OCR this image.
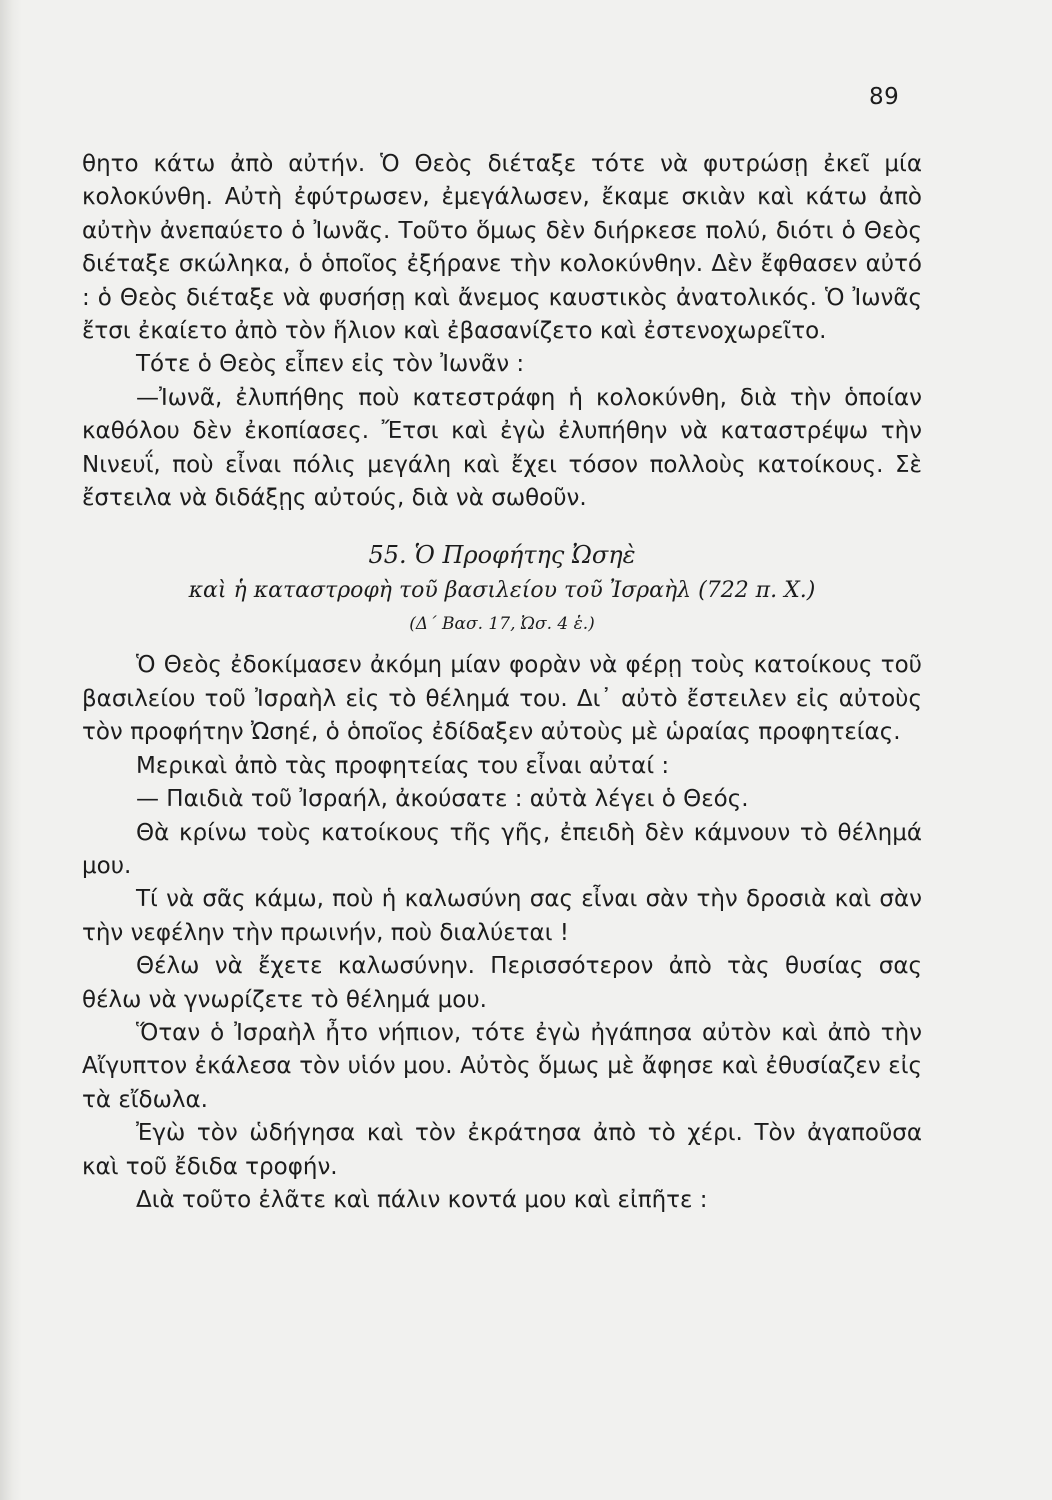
89

θητο κάτω ἀπὸ αὐτήν. Ὁ Θεὸς διέταξε τότε νὰ φυτρώσῃ ἐκεῖ μία κολοκύνθη. Αὐτὴ ἐφύτρωσεν, ἐμεγάλωσεν, ἔκαμε σκιὰν καὶ κάτω ἀπὸ αὐτὴν ἀνεπαύετο ὁ Ἰωνᾶς. Τοῦτο ὅμως δὲν διήρκεσε πολύ, διότι ὁ Θεὸς διέταξε σκώληκα, ὁ ὁποῖος ἐξήρανε τὴν κολοκύνθην. Δὲν ἔφθασεν αὐτό : ὁ Θεὸς διέταξε νὰ φυσήσῃ καὶ ἄνεμος καυστικὸς ἀνατολικός. Ὁ Ἰωνᾶς ἔτσι ἐκαίετο ἀπὸ τὸν ἥλιον καὶ ἐβασανίζετο καὶ ἐστενοχωρεῖτο.

Τότε ὁ Θεὸς εἶπεν εἰς τὸν Ἰωνᾶν :

—Ἰωνᾶ, ἐλυπήθης ποὺ κατεστράφη ἡ κολοκύνθη, διὰ τὴν ὁποίαν καθόλου δὲν ἐκοπίασες. Ἔτσι καὶ ἐγὼ ἐλυπήθην νὰ καταστρέψω τὴν Νινευΐ, ποὺ εἶναι πόλις μεγάλη καὶ ἔχει τόσον πολλοὺς κατοίκους. Σὲ ἔστειλα νὰ διδάξῃς αὐτούς, διὰ νὰ σωθοῦν.

55. Ὁ Προφήτης Ὠσηὲ
καὶ ἡ καταστροφὴ τοῦ βασιλείου τοῦ Ἰσραὴλ (722 π. Χ.)
(Δ΄ Βασ. 17, Ὠσ. 4 ἑ.)

Ὁ Θεὸς ἐδοκίμασεν ἀκόμη μίαν φορὰν νὰ φέρῃ τοὺς κατοίκους τοῦ βασιλείου τοῦ Ἰσραὴλ εἰς τὸ θέλημά του. Δι᾽ αὐτὸ ἔστειλεν εἰς αὐτοὺς τὸν προφήτην Ὠσηέ, ὁ ὁποῖος ἐδίδαξεν αὐτοὺς μὲ ὡραίας προφητείας.

Μερικαὶ ἀπὸ τὰς προφητείας του εἶναι αὐταί :

— Παιδιὰ τοῦ Ἰσραήλ, ἀκούσατε : αὐτὰ λέγει ὁ Θεός.

Θὰ κρίνω τοὺς κατοίκους τῆς γῆς, ἐπειδὴ δὲν κάμνουν τὸ θέλημά μου.

Τί νὰ σᾶς κάμω, ποὺ ἡ καλωσύνη σας εἶναι σὰν τὴν δροσιὰ καὶ σὰν τὴν νεφέλην τὴν πρωινήν, ποὺ διαλύεται !

Θέλω νὰ ἔχετε καλωσύνην. Περισσότερον ἀπὸ τὰς θυσίας σας θέλω νὰ γνωρίζετε τὸ θέλημά μου.

Ὅταν ὁ Ἰσραὴλ ἦτο νήπιον, τότε ἐγὼ ἠγάπησα αὐτὸν καὶ ἀπὸ τὴν Αἴγυπτον ἐκάλεσα τὸν υἱόν μου. Αὐτὸς ὅμως μὲ ἄφησε καὶ ἐθυσίαζεν εἰς τὰ εἴδωλα.

Ἐγὼ τὸν ὡδήγησα καὶ τὸν ἐκράτησα ἀπὸ τὸ χέρι. Τὸν ἀγαποῦσα καὶ τοῦ ἔδιδα τροφήν.

Διὰ τοῦτο ἐλᾶτε καὶ πάλιν κοντά μου καὶ εἰπῆτε :
